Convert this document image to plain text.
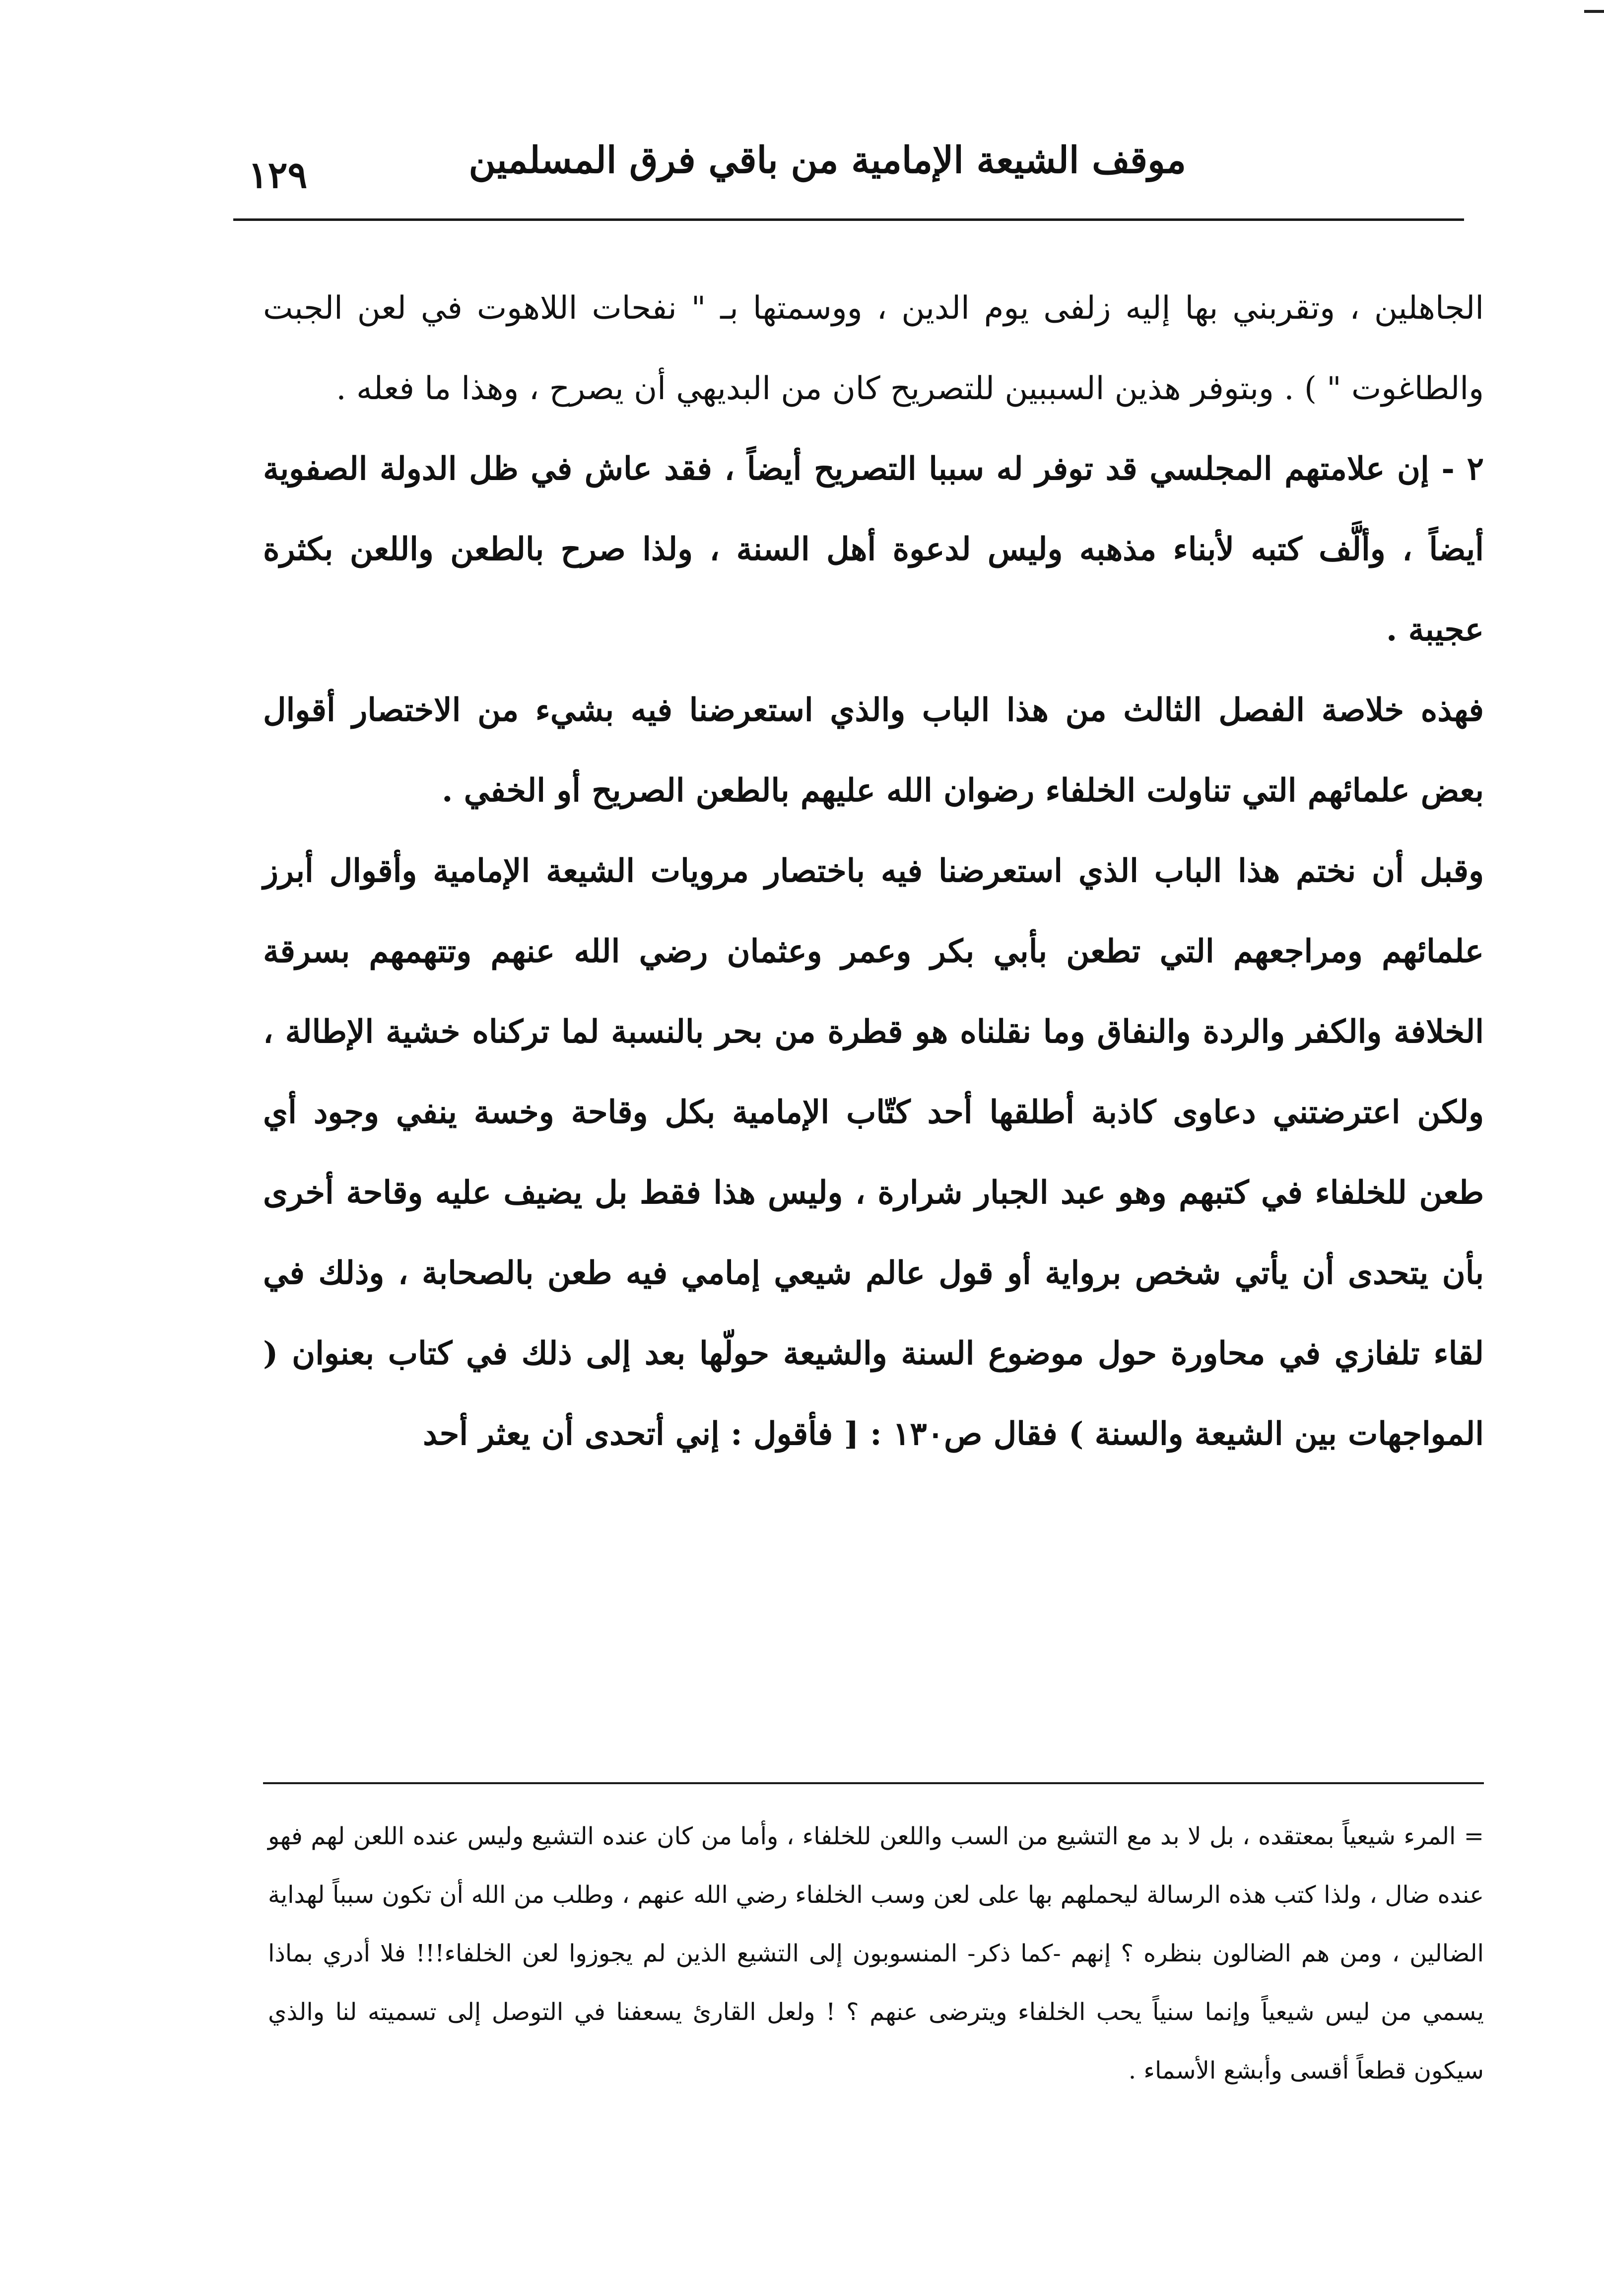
موقف الشيعة الإمامية من باقي فرق المسلمين
١٢٩

الجاهلين ، وتقربني بها إليه زلفى يوم الدين ، ووسمتها بـ " نفحات اللاهوت في لعن الجبت والطاغوت " ) . وبتوفر هذين السببين للتصريح كان من البديهي أن يصرح ، وهذا ما فعله .

٢ - إن علامتهم المجلسي قد توفر له سببا التصريح أيضاً ، فقد عاش في ظل الدولة الصفوية أيضاً ، وألَّف كتبه لأبناء مذهبه وليس لدعوة أهل السنة ، ولذا صرح بالطعن واللعن بكثرة عجيبة .

فهذه خلاصة الفصل الثالث من هذا الباب والذي استعرضنا فيه بشيء من الاختصار أقوال بعض علمائهم التي تناولت الخلفاء رضوان الله عليهم بالطعن الصريح أو الخفي .

وقبل أن نختم هذا الباب الذي استعرضنا فيه باختصار مرويات الشيعة الإمامية وأقوال أبرز علمائهم ومراجعهم التي تطعن بأبي بكر وعمر وعثمان رضي الله عنهم وتتهمهم بسرقة الخلافة والكفر والردة والنفاق وما نقلناه هو قطرة من بحر بالنسبة لما تركناه خشية الإطالة ، ولكن اعترضتني دعاوى كاذبة أطلقها أحد كتّاب الإمامية بكل وقاحة وخسة ينفي وجود أي طعن للخلفاء في كتبهم وهو عبد الجبار شرارة ، وليس هذا فقط بل يضيف عليه وقاحة أخرى بأن يتحدى أن يأتي شخص برواية أو قول عالم شيعي إمامي فيه طعن بالصحابة ، وذلك في لقاء تلفازي في محاورة حول موضوع السنة والشيعة حولّها بعد إلى ذلك في كتاب بعنوان ( المواجهات بين الشيعة والسنة ) فقال ص١٣٠ : [ فأقول : إني أتحدى أن يعثر أحد

= المرء شيعياً بمعتقده ، بل لا بد مع التشيع من السب واللعن للخلفاء ، وأما من كان عنده التشيع وليس عنده اللعن لهم فهو عنده ضال ، ولذا كتب هذه الرسالة ليحملهم بها على لعن وسب الخلفاء رضي الله عنهم ، وطلب من الله أن تكون سبباً لهداية الضالين ، ومن هم الضالون بنظره ؟ إنهم -كما ذكر- المنسوبون إلى التشيع الذين لم يجوزوا لعن الخلفاء!!! فلا أدري بماذا يسمي من ليس شيعياً وإنما سنياً يحب الخلفاء ويترضى عنهم ؟ ! ولعل القارئ يسعفنا في التوصل إلى تسميته لنا والذي سيكون قطعاً أقسى وأبشع الأسماء .
